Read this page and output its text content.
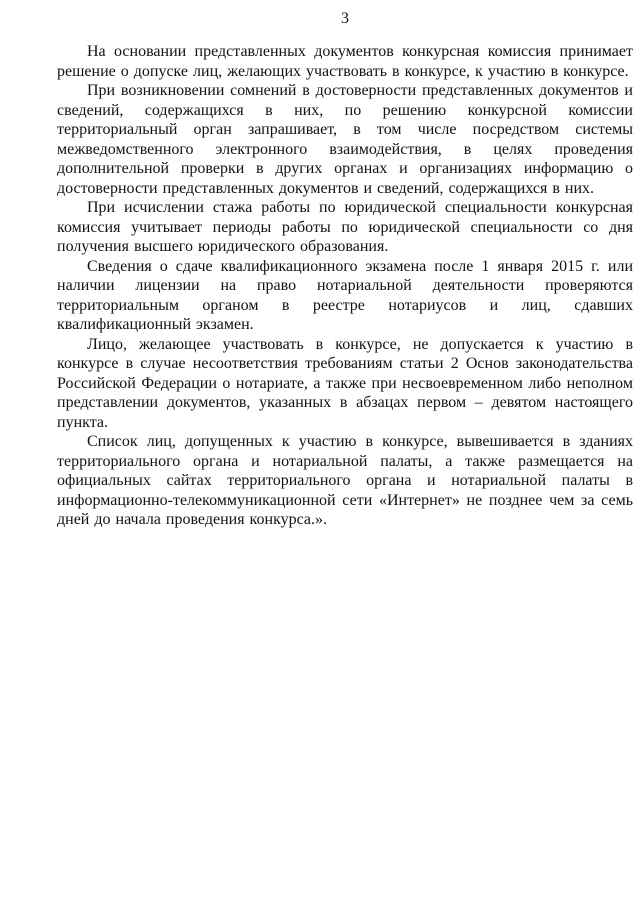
3

На основании представленных документов конкурсная комиссия принимает решение о допуске лиц, желающих участвовать в конкурсе, к участию в конкурсе.

При возникновении сомнений в достоверности представленных документов и сведений, содержащихся в них, по решению конкурсной комиссии территориальный орган запрашивает, в том числе посредством системы межведомственного электронного взаимодействия, в целях проведения дополнительной проверки в других органах и организациях информацию о достоверности представленных документов и сведений, содержащихся в них.

При исчислении стажа работы по юридической специальности конкурсная комиссия учитывает периоды работы по юридической специальности со дня получения высшего юридического образования.

Сведения о сдаче квалификационного экзамена после 1 января 2015 г. или наличии лицензии на право нотариальной деятельности проверяются территориальным органом в реестре нотариусов и лиц, сдавших квалификационный экзамен.

Лицо, желающее участвовать в конкурсе, не допускается к участию в конкурсе в случае несоответствия требованиям статьи 2 Основ законодательства Российской Федерации о нотариате, а также при несвоевременном либо неполном представлении документов, указанных в абзацах первом – девятом настоящего пункта.

Список лиц, допущенных к участию в конкурсе, вывешивается в зданиях территориального органа и нотариальной палаты, а также размещается на официальных сайтах территориального органа и нотариальной палаты в информационно-телекоммуникационной сети «Интернет» не позднее чем за семь дней до начала проведения конкурса.».
